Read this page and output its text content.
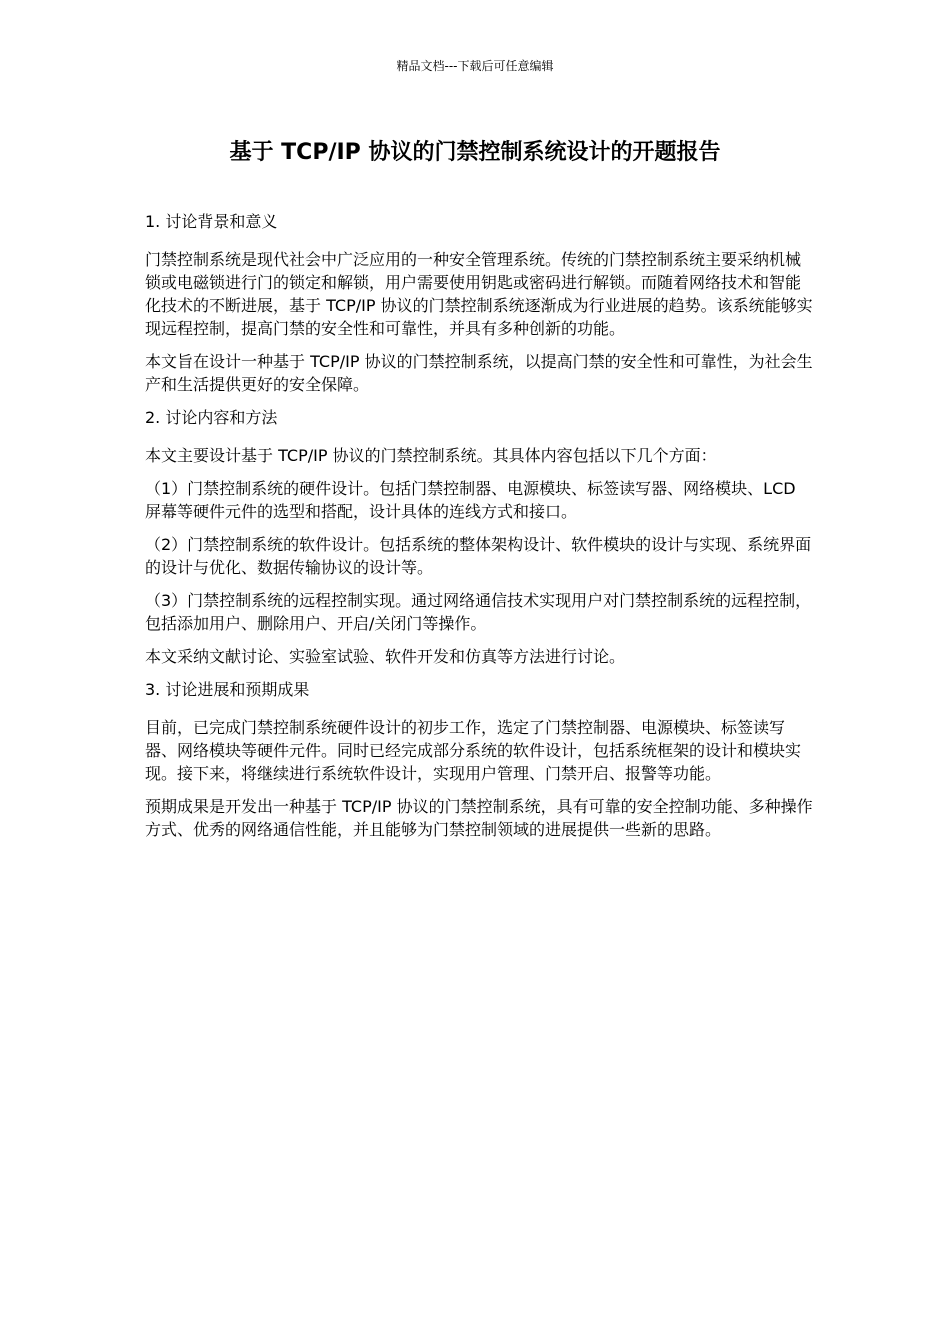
精品文档---下载后可任意编辑
基于 TCP/IP 协议的门禁控制系统设计的开题报告

1. 讨论背景和意义

门禁控制系统是现代社会中广泛应用的一种安全管理系统。传统的门禁控制系统主要采纳机械锁或电磁锁进行门的锁定和解锁，用户需要使用钥匙或密码进行解锁。而随着网络技术和智能化技术的不断进展，基于 TCP/IP 协议的门禁控制系统逐渐成为行业进展的趋势。该系统能够实现远程控制，提高门禁的安全性和可靠性，并具有多种创新的功能。

本文旨在设计一种基于 TCP/IP 协议的门禁控制系统，以提高门禁的安全性和可靠性，为社会生产和生活提供更好的安全保障。

2. 讨论内容和方法

本文主要设计基于 TCP/IP 协议的门禁控制系统。其具体内容包括以下几个方面：

（1）门禁控制系统的硬件设计。包括门禁控制器、电源模块、标签读写器、网络模块、LCD 屏幕等硬件元件的选型和搭配，设计具体的连线方式和接口。

（2）门禁控制系统的软件设计。包括系统的整体架构设计、软件模块的设计与实现、系统界面的设计与优化、数据传输协议的设计等。

（3）门禁控制系统的远程控制实现。通过网络通信技术实现用户对门禁控制系统的远程控制，包括添加用户、删除用户、开启/关闭门等操作。

本文采纳文献讨论、实验室试验、软件开发和仿真等方法进行讨论。

3. 讨论进展和预期成果

目前，已完成门禁控制系统硬件设计的初步工作，选定了门禁控制器、电源模块、标签读写器、网络模块等硬件元件。同时已经完成部分系统的软件设计，包括系统框架的设计和模块实现。接下来，将继续进行系统软件设计，实现用户管理、门禁开启、报警等功能。

预期成果是开发出一种基于 TCP/IP 协议的门禁控制系统，具有可靠的安全控制功能、多种操作方式、优秀的网络通信性能，并且能够为门禁控制领域的进展提供一些新的思路。
